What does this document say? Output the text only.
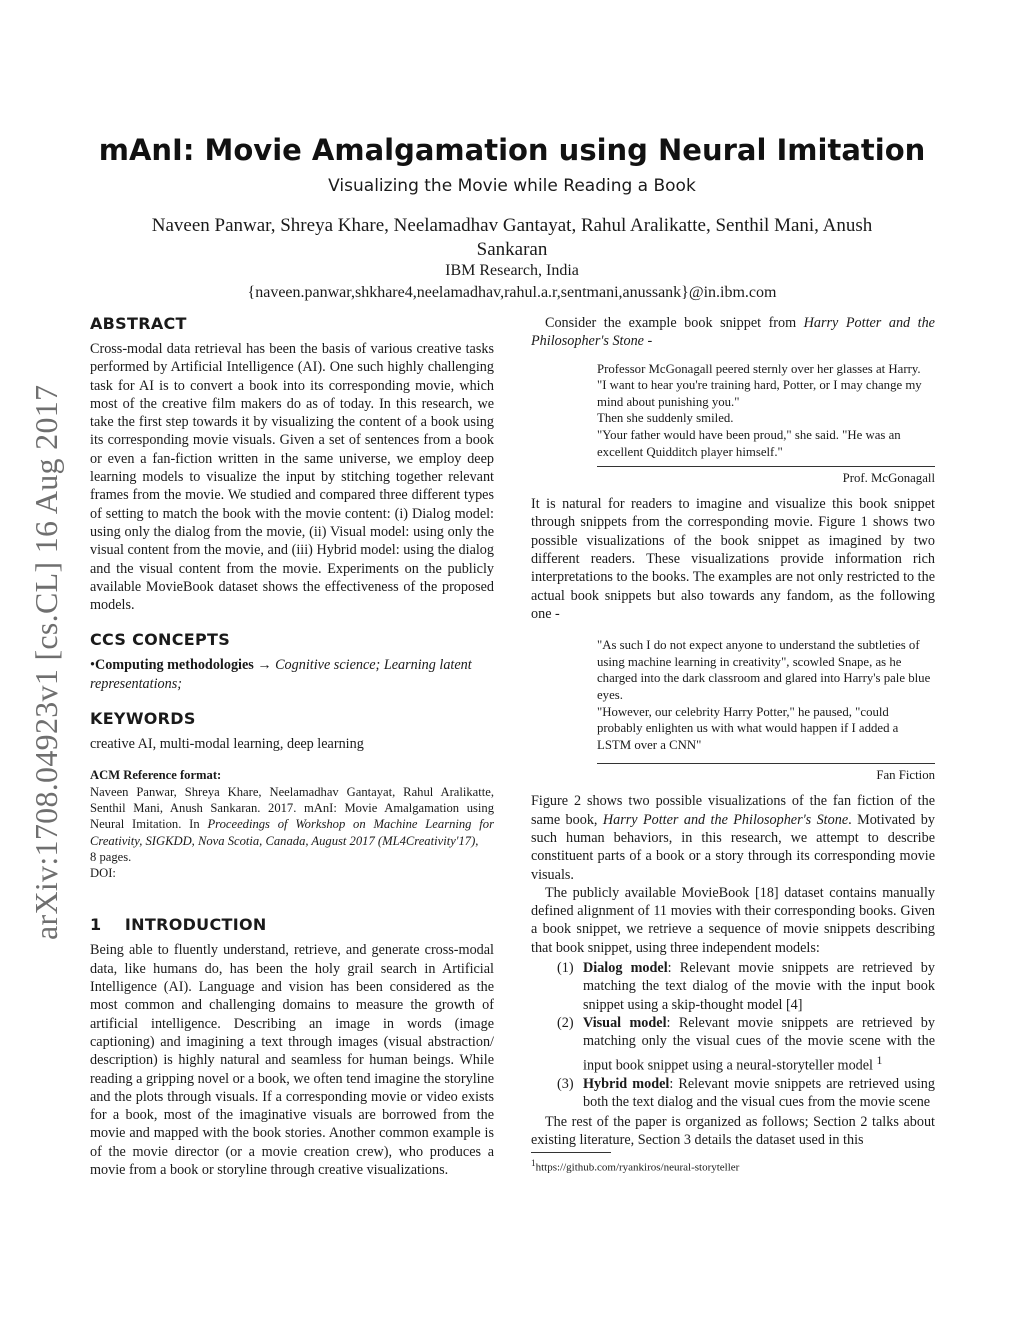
arXiv:1708.04923v1 [cs.CL] 16 Aug 2017
mAnI: Movie Amalgamation using Neural Imitation
Visualizing the Movie while Reading a Book
Naveen Panwar, Shreya Khare, Neelamadhav Gantayat, Rahul Aralikatte, Senthil Mani, Anush Sankaran
IBM Research, India
{naveen.panwar,shkhare4,neelamadhav,rahul.a.r,sentmani,anussank}@in.ibm.com
ABSTRACT

Cross-modal data retrieval has been the basis of various creative tasks performed by Artificial Intelligence (AI). One such highly challenging task for AI is to convert a book into its corresponding movie, which most of the creative film makers do as of today. In this research, we take the first step towards it by visualizing the content of a book using its corresponding movie visuals. Given a set of sentences from a book or even a fan-fiction written in the same universe, we employ deep learning models to visualize the input by stitching together relevant frames from the movie. We studied and compared three different types of setting to match the book with the movie content: (i) Dialog model: using only the dialog from the movie, (ii) Visual model: using only the visual content from the movie, and (iii) Hybrid model: using the dialog and the visual content from the movie. Experiments on the publicly available MovieBook dataset shows the effectiveness of the proposed models.

CCS CONCEPTS

•Computing methodologies → Cognitive science; Learning latent representations;

KEYWORDS

creative AI, multi-modal learning, deep learning

ACM Reference format:

Naveen Panwar, Shreya Khare, Neelamadhav Gantayat, Rahul Aralikatte, Senthil Mani, Anush Sankaran. 2017. mAnI: Movie Amalgamation using Neural Imitation. In Proceedings of Workshop on Machine Learning for Creativity, SIGKDD, Nova Scotia, Canada, August 2017 (ML4Creativity'17),

8 pages.
DOI:
1    INTRODUCTION

Being able to fluently understand, retrieve, and generate cross-modal data, like humans do, has been the holy grail search in Artificial Intelligence (AI). Language and vision has been considered as the most common and challenging domains to measure the growth of artificial intelligence. Describing an image in words (image captioning) and imagining a text through images (visual abstraction/ description) is highly natural and seamless for human beings. While reading a gripping novel or a book, we often tend imagine the storyline and the plots through visuals. If a corresponding movie or video exists for a book, most of the imaginative visuals are borrowed from the movie and mapped with the book stories. Another common example is of the movie director (or a movie creation crew), who produces a movie from a book or storyline through creative visualizations.

Consider the example book snippet from Harry Potter and the Philosopher's Stone -

Professor McGonagall peered sternly over her glasses at Harry.

"I want to hear you're training hard, Potter, or I may change my mind about punishing you."

Then she suddenly smiled.

"Your father would have been proud," she said. "He was an excellent Quidditch player himself."

Prof. McGonagall

It is natural for readers to imagine and visualize this book snippet through snippets from the corresponding movie. Figure 1 shows two possible visualizations of the book snippet as imagined by two different readers. These visualizations provide information rich interpretations to the books. The examples are not only restricted to the actual book snippets but also towards any fandom, as the following one -

"As such I do not expect anyone to understand the subtleties of using machine learning in creativity", scowled Snape, as he charged into the dark classroom and glared into Harry's pale blue eyes.

"However, our celebrity Harry Potter," he paused, "could probably enlighten us with what would happen if I added a LSTM over a CNN"

Fan Fiction

Figure 2 shows two possible visualizations of the fan fiction of the same book, Harry Potter and the Philosopher's Stone. Motivated by such human behaviors, in this research, we attempt to describe constituent parts of a book or a story through its corresponding movie visuals.

The publicly available MovieBook [18] dataset contains manually defined alignment of 11 movies with their corresponding books. Given a book snippet, we retrieve a sequence of movie snippets describing that book snippet, using three independent models:

(1) Dialog model: Relevant movie snippets are retrieved by matching the text dialog of the movie with the input book snippet using a skip-thought model [4]
(2) Visual model: Relevant movie snippets are retrieved by matching only the visual cues of the movie scene with the input book snippet using a neural-storyteller model $^1$
(3) Hybrid model: Relevant movie snippets are retrieved using both the text dialog and the visual cues from the movie scene

The rest of the paper is organized as follows; Section 2 talks about existing literature, Section 3 details the dataset used in this

$^1$https://github.com/ryankiros/neural-storyteller
